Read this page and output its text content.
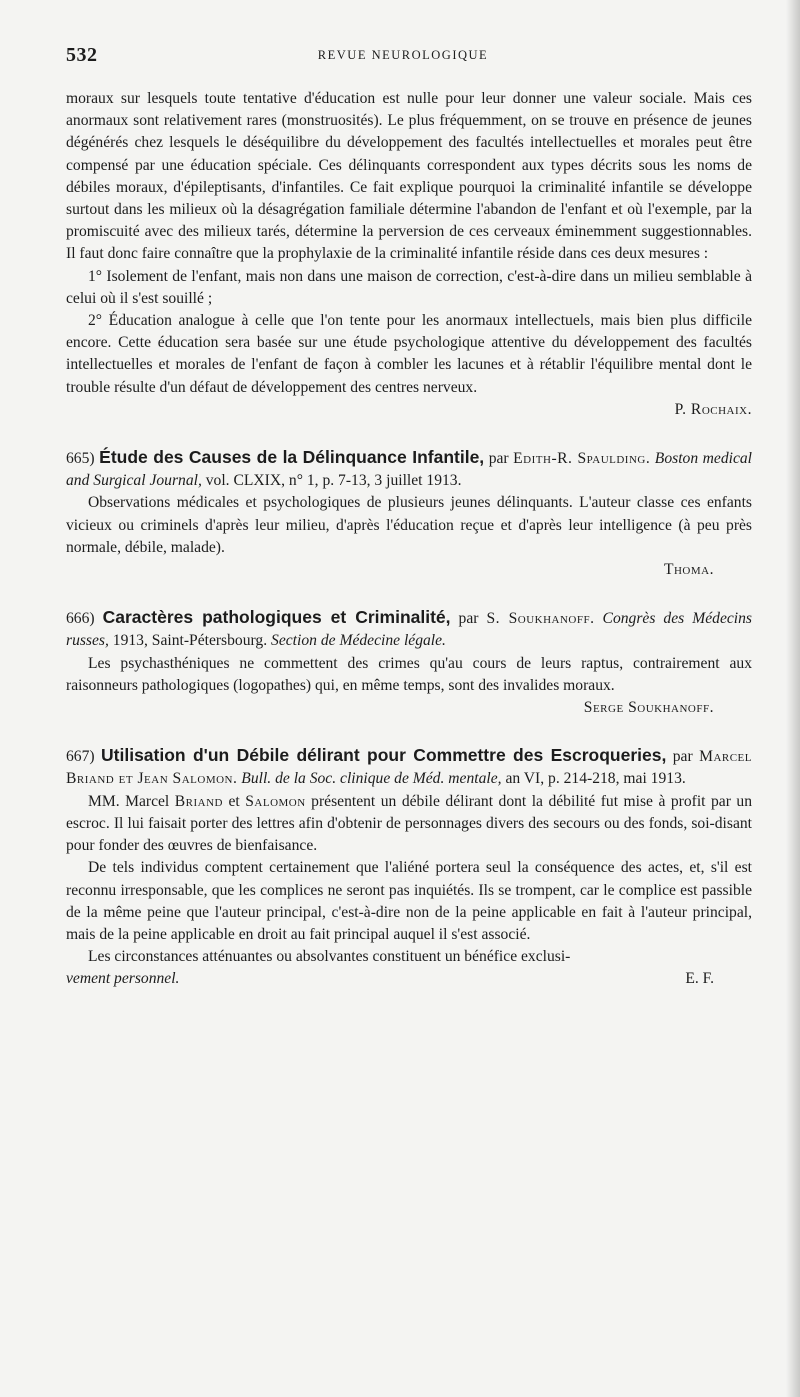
532	REVUE NEUROLOGIQUE

moraux sur lesquels toute tentative d'éducation est nulle pour leur donner une valeur sociale. Mais ces anormaux sont relativement rares (monstruosités). Le plus fréquemment, on se trouve en présence de jeunes dégénérés chez lesquels le déséquilibre du développement des facultés intellectuelles et morales peut être compensé par une éducation spéciale. Ces délinquants correspondent aux types décrits sous les noms de débiles moraux, d'épileptisants, d'infantiles. Ce fait explique pourquoi la criminalité infantile se développe surtout dans les milieux où la désagrégation familiale détermine l'abandon de l'enfant et où l'exemple, par la promiscuité avec des milieux tarés, détermine la perversion de ces cerveaux éminemment suggestionnables. Il faut donc faire connaître que la prophylaxie de la criminalité infantile réside dans ces deux mesures :

1° Isolement de l'enfant, mais non dans une maison de correction, c'est-à-dire dans un milieu semblable à celui où il s'est souillé ;

2° Éducation analogue à celle que l'on tente pour les anormaux intellectuels, mais bien plus difficile encore. Cette éducation sera basée sur une étude psychologique attentive du développement des facultés intellectuelles et morales de l'enfant de façon à combler les lacunes et à rétablir l'équilibre mental dont le trouble résulte d'un défaut de développement des centres nerveux.

P. Rochaix.

665) Étude des Causes de la Délinquance Infantile, par Edith-R. Spaulding. Boston medical and Surgical Journal, vol. CLXIX, n° 1, p. 7-13, 3 juillet 1913.

Observations médicales et psychologiques de plusieurs jeunes délinquants. L'auteur classe ces enfants vicieux ou criminels d'après leur milieu, d'après l'éducation reçue et d'après leur intelligence (à peu près normale, débile, malade).

Thoma.

666) Caractères pathologiques et Criminalité, par S. Soukhanoff. Congrès des Médecins russes, 1913, Saint-Pétersbourg. Section de Médecine légale.

Les psychasthéniques ne commettent des crimes qu'au cours de leurs raptus, contrairement aux raisonneurs pathologiques (logopathes) qui, en même temps, sont des invalides moraux.

Serge Soukhanoff.

667) Utilisation d'un Débile délirant pour Commettre des Escroqueries, par Marcel Briand et Jean Salomon. Bull. de la Soc. clinique de Méd. mentale, an VI, p. 214-218, mai 1913.

MM. Marcel Briand et Salomon présentent un débile délirant dont la débilité fut mise à profit par un escroc. Il lui faisait porter des lettres afin d'obtenir de personnages divers des secours ou des fonds, soi-disant pour fonder des œuvres de bienfaisance.

De tels individus comptent certainement que l'aliéné portera seul la conséquence des actes, et, s'il est reconnu irresponsable, que les complices ne seront pas inquiétés. Ils se trompent, car le complice est passible de la même peine que l'auteur principal, c'est-à-dire non de la peine applicable en fait à l'auteur principal, mais de la peine applicable en droit au fait principal auquel il s'est associé.

Les circonstances atténuantes ou absolvantes constituent un bénéfice exclusi-

vement personnel.	E. F.
